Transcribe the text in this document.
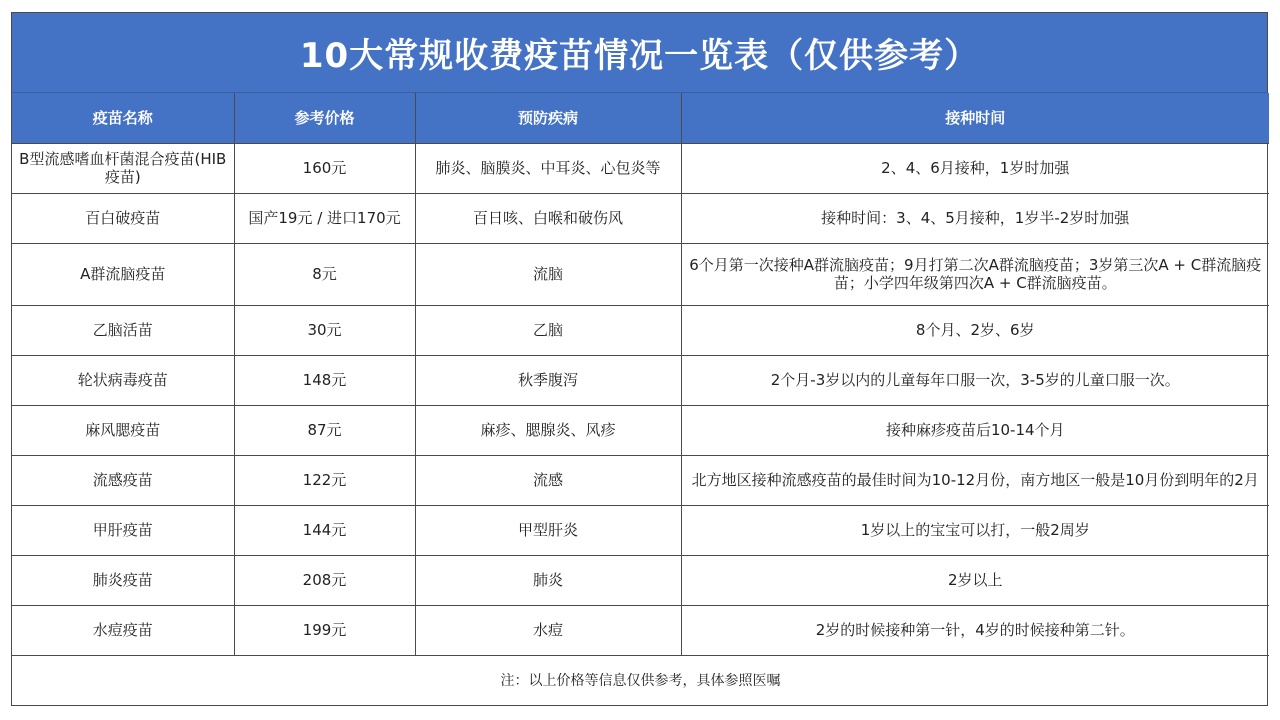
10大常规收费疫苗情况一览表（仅供参考）
疫苗名称	参考价格	预防疾病	接种时间
B型流感嗜血杆菌混合疫苗(HIB疫苗)	160元	肺炎、脑膜炎、中耳炎、心包炎等	2、4、6月接种，1岁时加强
百白破疫苗	国产19元 / 进口170元	百日咳、白喉和破伤风	接种时间：3、4、5月接种，1岁半-2岁时加强
A群流脑疫苗	8元	流脑	6个月第一次接种A群流脑疫苗；9月打第二次A群流脑疫苗；3岁第三次A + C群流脑疫苗；小学四年级第四次A + C群流脑疫苗。
乙脑活苗	30元	乙脑	8个月、2岁、6岁
轮状病毒疫苗	148元	秋季腹泻	2个月-3岁以内的儿童每年口服一次，3-5岁的儿童口服一次。
麻风腮疫苗	87元	麻疹、腮腺炎、风疹	接种麻疹疫苗后10-14个月
流感疫苗	122元	流感	北方地区接种流感疫苗的最佳时间为10-12月份，南方地区一般是10月份到明年的2月
甲肝疫苗	144元	甲型肝炎	1岁以上的宝宝可以打，一般2周岁
肺炎疫苗	208元	肺炎	2岁以上
水痘疫苗	199元	水痘	2岁的时候接种第一针，4岁的时候接种第二针。
注：以上价格等信息仅供参考，具体参照医嘱			
